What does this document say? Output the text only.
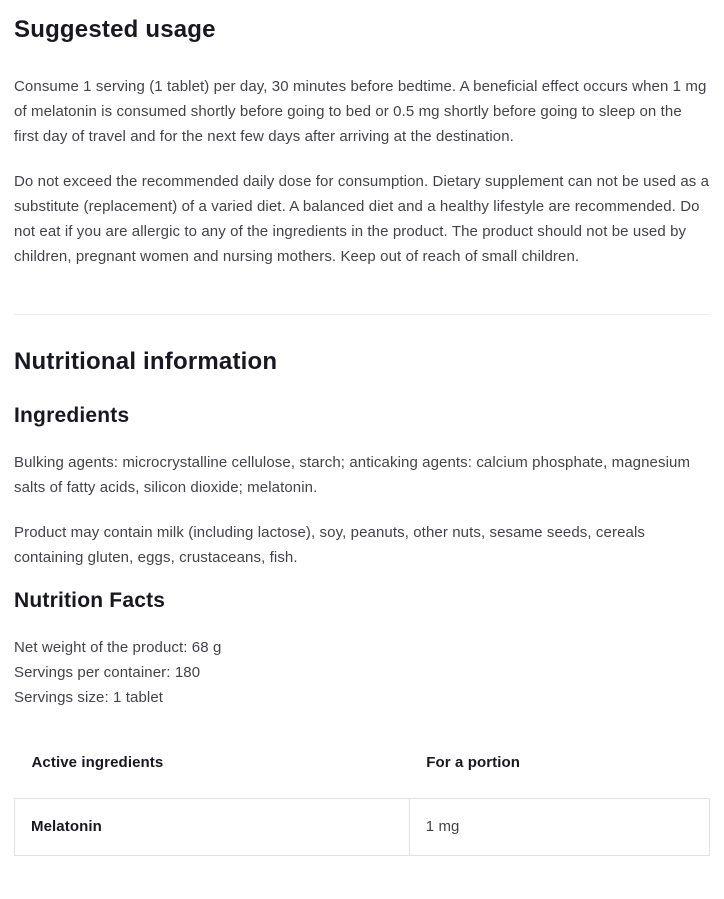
Suggested usage

Consume 1 serving (1 tablet) per day, 30 minutes before bedtime. A beneficial effect occurs when 1 mg of melatonin is consumed shortly before going to bed or 0.5 mg shortly before going to sleep on the first day of travel and for the next few days after arriving at the destination.

Do not exceed the recommended daily dose for consumption. Dietary supplement can not be used as a substitute (replacement) of a varied diet. A balanced diet and a healthy lifestyle are recommended. Do not eat if you are allergic to any of the ingredients in the product. The product should not be used by children, pregnant women and nursing mothers. Keep out of reach of small children.

Nutritional information
Ingredients

Bulking agents: microcrystalline cellulose, starch; anticaking agents: calcium phosphate, magnesium salts of fatty acids, silicon dioxide; melatonin.

Product may contain milk (including lactose), soy, peanuts, other nuts, sesame seeds, cereals containing gluten, eggs, crustaceans, fish.

Nutrition Facts

Net weight of the product: 68 g

Servings per container: 180

Servings size: 1 tablet

Active ingredients	For a portion
Melatonin	1 mg
